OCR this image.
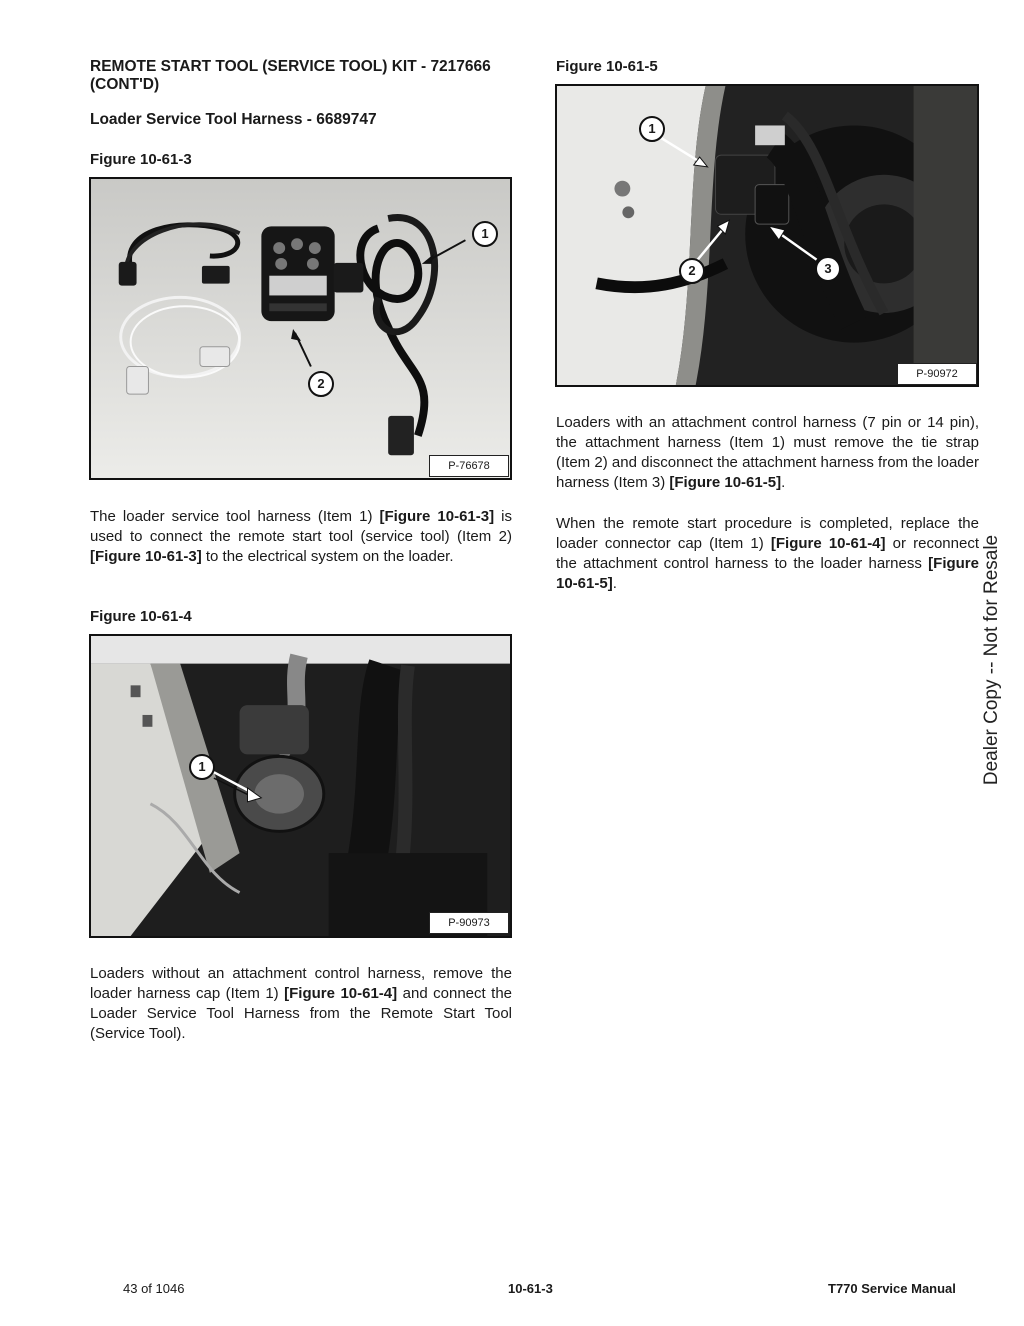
REMOTE START TOOL (SERVICE TOOL) KIT - 7217666 (CONT'D)
Loader Service Tool Harness - 6689747

Figure 10-61-3

1
2
P-76678

The loader service tool harness (Item 1) [Figure 10-61-3] is used to connect the remote start tool (service tool) (Item 2) [Figure 10-61-3] to the electrical system on the loader.

Figure 10-61-4

1
P-90973

Loaders without an attachment control harness, remove the loader harness cap (Item 1) [Figure 10-61-4] and connect the Loader Service Tool Harness from the Remote Start Tool (Service Tool).

Figure 10-61-5

1
2	3
P-90972

Loaders with an attachment control harness (7 pin or 14 pin), the attachment harness (Item 1) must remove the tie strap (Item 2) and disconnect the attachment harness from the loader harness (Item 3) [Figure 10-61-5].

When the remote start procedure is completed, replace the loader connector cap (Item 1) [Figure 10-61-4] or reconnect the attachment control harness to the loader harness [Figure 10-61-5].	Dealer Copy -- Not for Resale
43 of 1046	10-61-3	T770 Service Manual
